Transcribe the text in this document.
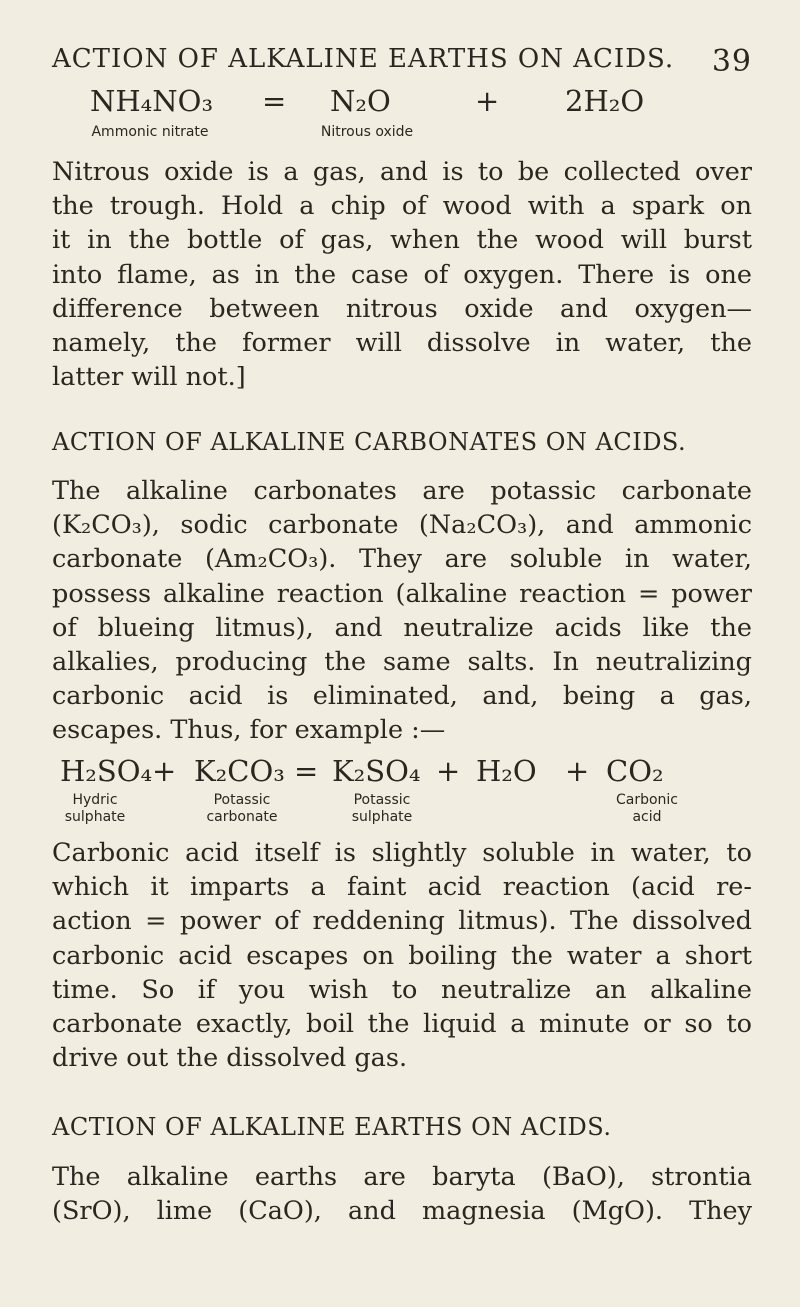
ACTION OF ALKALINE EARTHS ON ACIDS. 39
NH₄NO₃ = N₂O	+ 2H₂O
Ammonic nitrate	Nitrous oxide
Nitrous oxide is a gas, and is to be collected over
the trough. Hold a chip of wood with a spark on
it in the bottle of gas, when the wood will burst
into flame, as in the case of oxygen. There is one
difference between nitrous oxide and oxygen—
namely, the former will dissolve in water, the
latter will not.]
ACTION OF ALKALINE CARBONATES ON ACIDS.
The alkaline carbonates are potassic carbonate
(K₂CO₃), sodic carbonate (Na₂CO₃), and ammonic
carbonate (Am₂CO₃). They are soluble in water,
possess alkaline reaction (alkaline reaction = power
of blueing litmus), and neutralize acids like the
alkalies, producing the same salts. In neutralizing
carbonic acid is eliminated, and, being a gas,
escapes. Thus, for example :—
H₂SO₄ + K₂CO₃ = K₂SO₄ + H₂O + CO₂
Hydric
sulphate
Potassic
carbonate
Potassic
sulphate
Carbonic
acid
Carbonic acid itself is slightly soluble in water, to
which it imparts a faint acid reaction (acid re-
action = power of reddening litmus). The dissolved
carbonic acid escapes on boiling the water a short
time. So if you wish to neutralize an alkaline
carbonate exactly, boil the liquid a minute or so to
drive out the dissolved gas.
ACTION OF ALKALINE EARTHS ON ACIDS.
The alkaline earths are baryta (BaO), strontia
(SrO), lime (CaO), and magnesia (MgO). They
